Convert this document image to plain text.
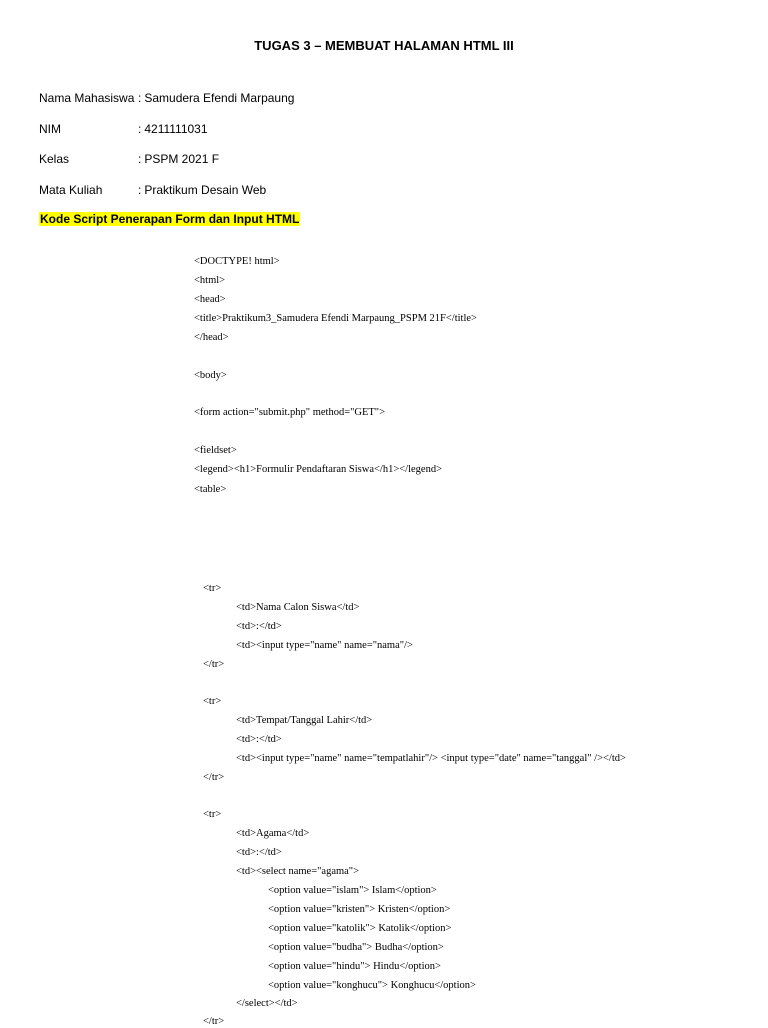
TUGAS 3 – MEMBUAT HALAMAN HTML III
Nama Mahasiswa : Samudera Efendi Marpaung
NIM	: 4211111031
Kelas	: PSPM 2021 F
Mata Kuliah	: Praktikum Desain Web
Kode Script Penerapan Form dan Input HTML
<DOCTYPE! html>
<html>
<head>
<title>Praktikum3_Samudera Efendi Marpaung_PSPM 21F</title>
</head>
<body>
<form action="submit.php" method="GET">
<fieldset>
<legend><h1>Formulir Pendaftaran Siswa</h1></legend>
<table>
<tr>
<td>Nama Calon Siswa</td>
<td>:</td>
<td><input type="name" name="nama"/>
</tr>
<tr>
<td>Tempat/Tanggal Lahir</td>
<td>:</td>
<td><input type="name" name="tempatlahir"/> <input type="date" name="tanggal" /></td>
</tr>
<tr>
<td>Agama</td>
<td>:</td>
<td><select name="agama">
<option value="islam"> Islam</option>
<option value="kristen"> Kristen</option>
<option value="katolik"> Katolik</option>
<option value="budha"> Budha</option>
<option value="hindu"> Hindu</option>
<option value="konghucu"> Konghucu</option>
</select></td>
</tr>
